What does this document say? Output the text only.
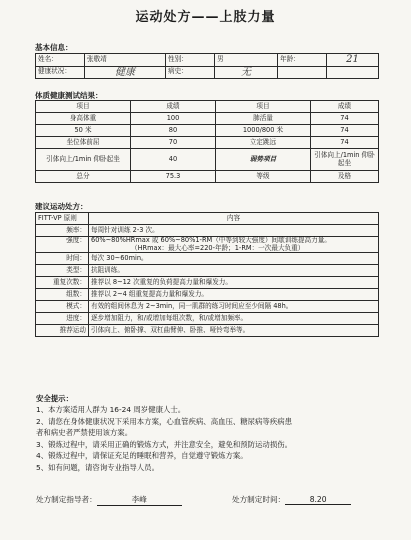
运动处方——上肢力量
基本信息：
姓名：	张敬靖	性别：	男	年龄：	21
健康状况：	健康	病史：	无		
体质健康测试结果：
项目	成绩	项目	成绩
身高体重	100	肺活量	74
50 米	80	1000/800 米	74
坐位体前屈	70	立定跳远	74
引体向上/1min 仰卧起坐	40	弱势项目	引体向上/1min 仰卧起坐
总分	75.3	等级	及格
建议运动处方：
FITT-VP 原则	内容
频率：	每周针对训练 2-3 次。
强度：	60%~80%HRmax 或 60%~80%1-RM（中等到较大强度）间歇训练提高力量。
（HRmax：最大心率=220-年龄；1-RM：一次最大负重）

时间：	每次 30~60min。
类型：	抗阻训练。
重复次数：	推荐以 8~12 次重复的负荷提高力量和爆发力。
组数：	推荐以 2~4 组重复提高力量和爆发力。
模式：	有效的组间休息为 2~3min，同一肌群的练习时间应至少间隔 48h。
进度：	逐步增加阻力，和/或增加每组次数，和/或增加频率。
推荐运动	引体向上、俯卧撑、双杠曲臂伸、卧推、哑铃弯举等。
安全提示：
1、本方案适用人群为 16-24 周岁健康人士。
2、请您在身体健康状况下采用本方案，心血管疾病、高血压、糖尿病等疾病患
者和病史者严禁使用该方案。
3、锻炼过程中，请采用正确的锻炼方式，并注意安全，避免和预防运动损伤。
4、锻炼过程中，请保证充足的睡眠和营养，自觉遵守锻炼方案。
5、如有问题，请咨询专业指导人员。
处方制定指导者：	李峰	处方制定时间：	8.20
